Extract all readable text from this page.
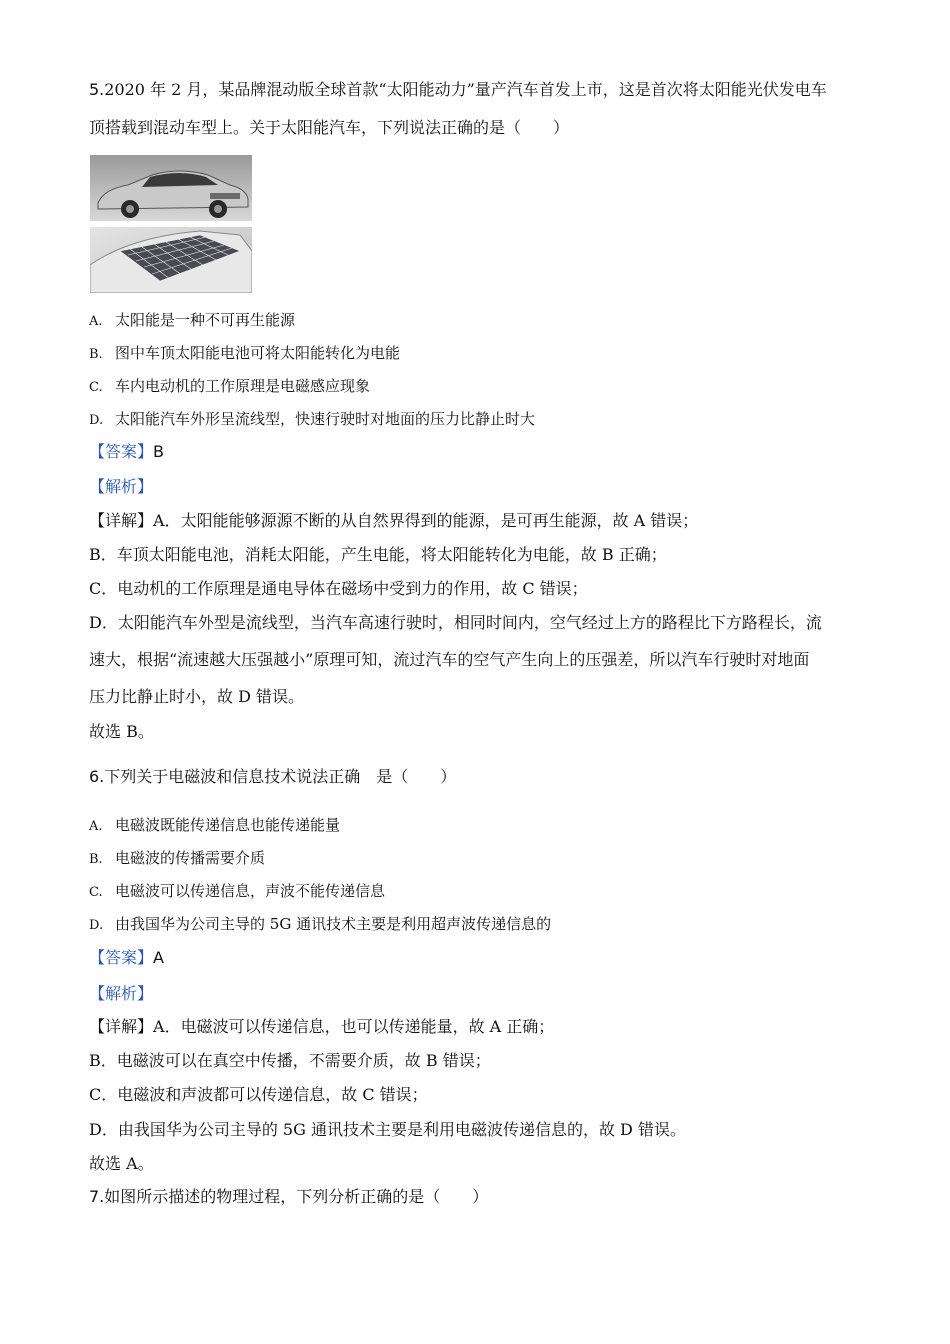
5.2020 年 2 月，某品牌混动版全球首款“太阳能动力”量产汽车首发上市，这是首次将太阳能光伏发电车
顶搭载到混动车型上。关于太阳能汽车，下列说法正确的是（　　）
A. 太阳能是一种不可再生能源
B. 图中车顶太阳能电池可将太阳能转化为电能
C. 车内电动机的工作原理是电磁感应现象
D. 太阳能汽车外形呈流线型，快速行驶时对地面的压力比静止时大
【答案】B
【解析】
【详解】A．太阳能能够源源不断的从自然界得到的能源，是可再生能源，故 A 错误；
B．车顶太阳能电池，消耗太阳能，产生电能，将太阳能转化为电能，故 B 正确；
C．电动机的工作原理是通电导体在磁场中受到力的作用，故 C 错误；
D．太阳能汽车外型是流线型，当汽车高速行驶时，相同时间内，空气经过上方的路程比下方路程长，流
速大，根据“流速越大压强越小”原理可知，流过汽车的空气产生向上的压强差，所以汽车行驶时对地面
压力比静止时小，故 D 错误。
故选 B。
6.下列关于电磁波和信息技术说法正确　是（　　）
A. 电磁波既能传递信息也能传递能量
B. 电磁波的传播需要介质
C. 电磁波可以传递信息，声波不能传递信息
D. 由我国华为公司主导的 5G 通讯技术主要是利用超声波传递信息的
【答案】A
【解析】
【详解】A．电磁波可以传递信息，也可以传递能量，故 A 正确；
B．电磁波可以在真空中传播，不需要介质，故 B 错误；
C．电磁波和声波都可以传递信息，故 C 错误；
D．由我国华为公司主导的 5G 通讯技术主要是利用电磁波传递信息的，故 D 错误。
故选 A。
7.如图所示描述的物理过程，下列分析正确的是（　　）
